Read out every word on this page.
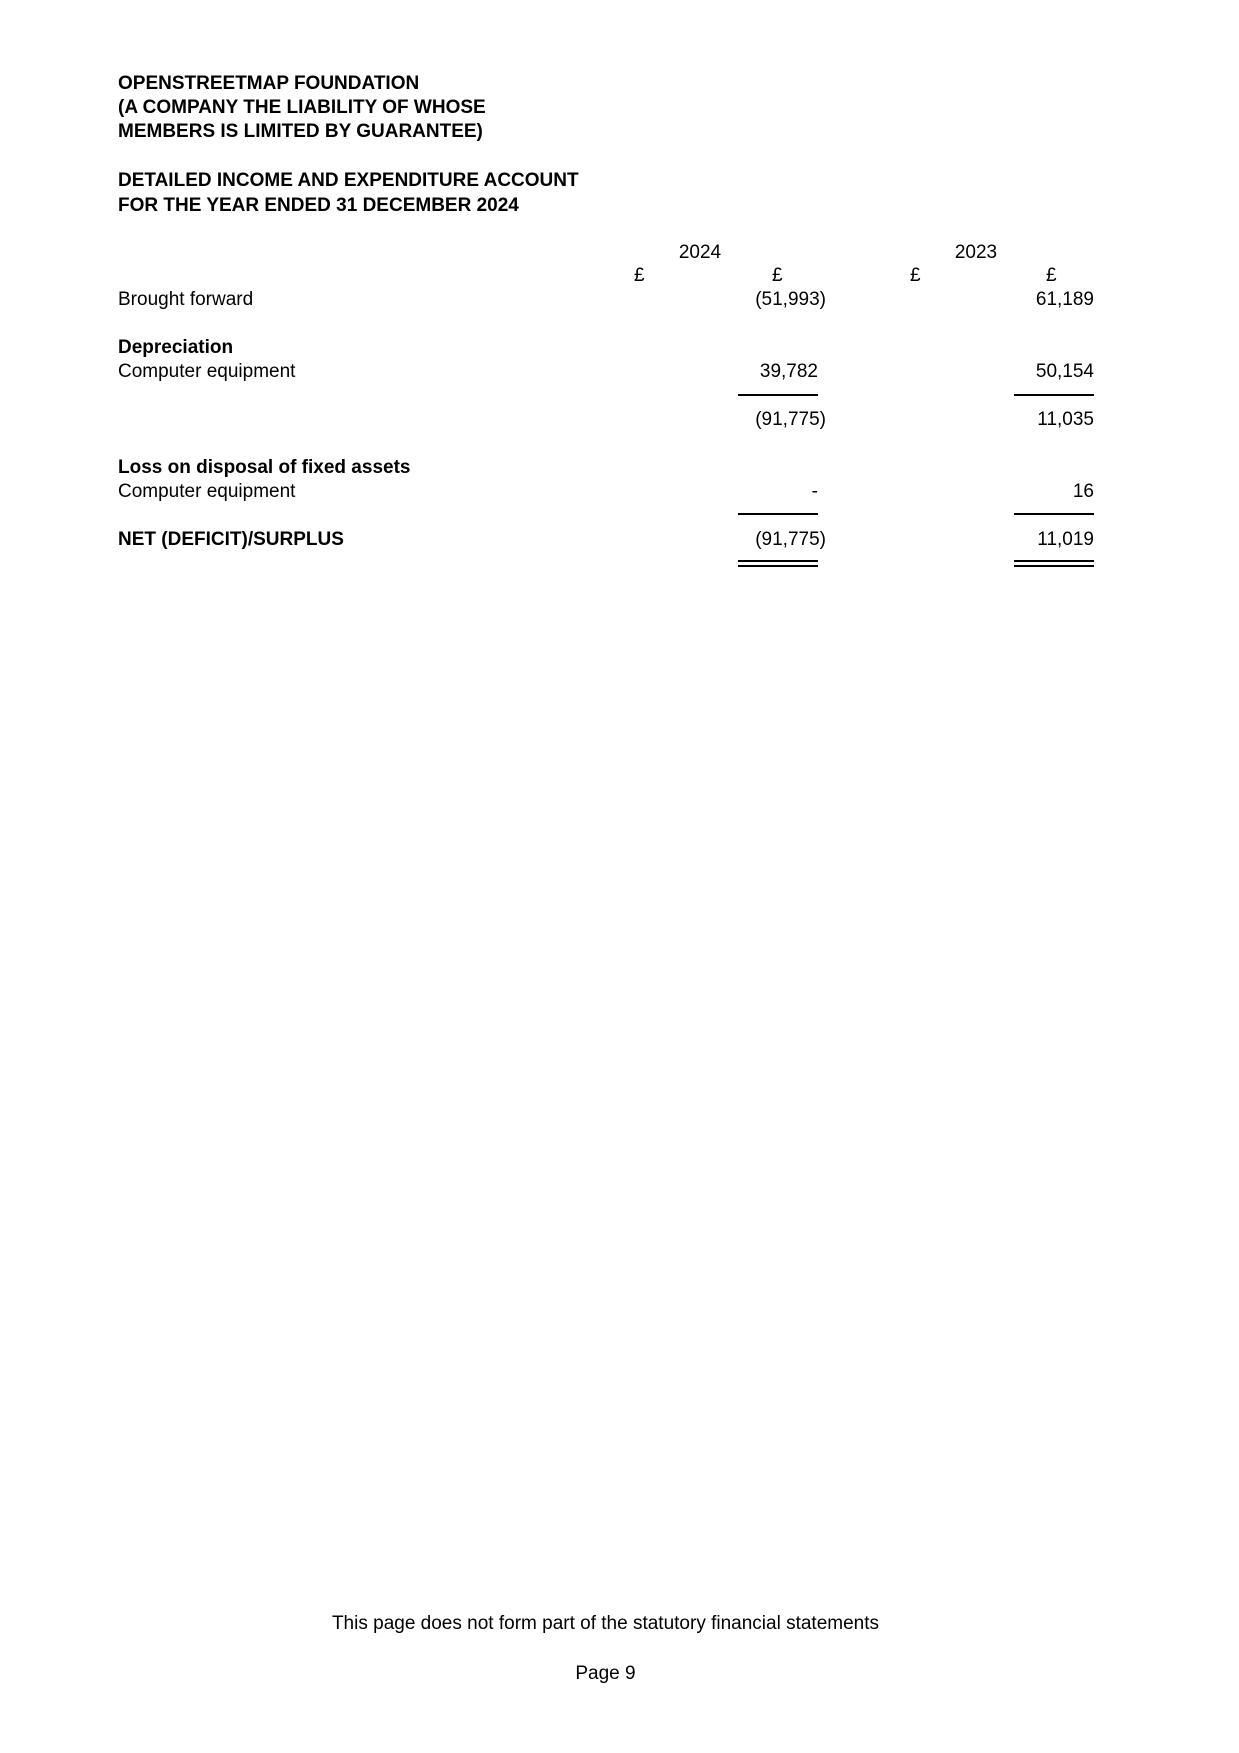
OPENSTREETMAP FOUNDATION
(A COMPANY THE LIABILITY OF WHOSE
MEMBERS IS LIMITED BY GUARANTEE)
DETAILED INCOME AND EXPENDITURE ACCOUNT
FOR THE YEAR ENDED 31 DECEMBER 2024
2024	2023
£	£	£	£
Brought forward	(51,993)	61,189
Depreciation
Computer equipment	39,782	50,154
(91,775)	11,035
Loss on disposal of fixed assets
Computer equipment	-	16
NET (DEFICIT)/SURPLUS	(91,775)	11,019
This page does not form part of the statutory financial statements
Page 9
